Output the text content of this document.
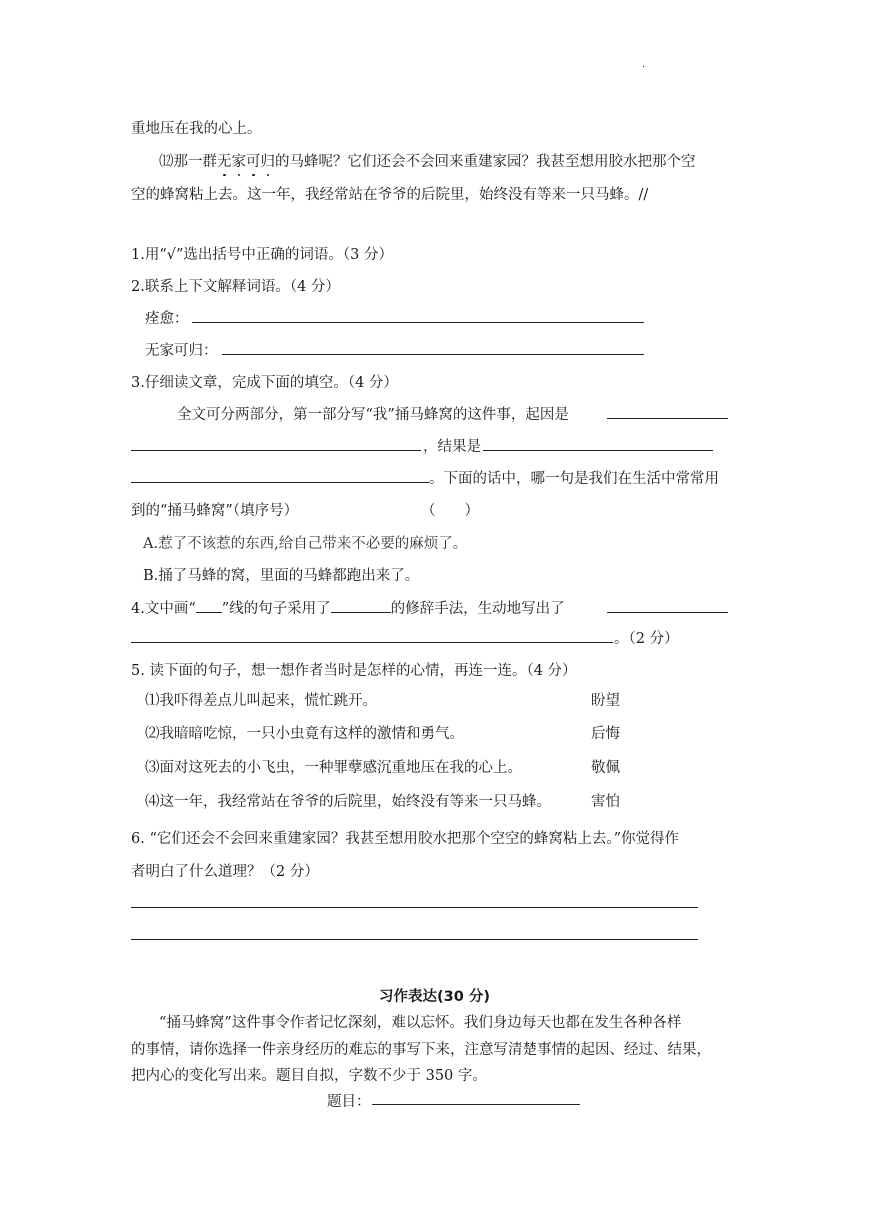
·
重地压在我的心上。
⑿那一群无家可归的马蜂呢？它们还会不会回来重建家园？我甚至想用胶水把那个空
空的蜂窝粘上去。这一年，我经常站在爷爷的后院里，始终没有等来一只马蜂。//
1.用“√”选出括号中正确的词语。（3 分）
2.联系上下文解释词语。（4 分）
痊愈：
无家可归：
3.仔细读文章，完成下面的填空。（4 分）
全文可分两部分，第一部分写“我”捅马蜂窝的这件事，起因是
，结果是
。下面的话中，哪一句是我们在生活中常常用
到的“捅马蜂窝”（填序号）	（　　）
A.惹了不该惹的东西,给自己带来不必要的麻烦了。
B.捅了马蜂的窝，里面的马蜂都跑出来了。
4.文中画“ ”线的句子采用了	的修辞手法，生动地写出了
。（2 分）
5. 读下面的句子，想一想作者当时是怎样的心情，再连一连。（4 分）
⑴我吓得差点儿叫起来，慌忙跳开。	盼望
⑵我暗暗吃惊，一只小虫竟有这样的激情和勇气。	后悔
⑶面对这死去的小飞虫，一种罪孽感沉重地压在我的心上。	敬佩
⑷这一年，我经常站在爷爷的后院里，始终没有等来一只马蜂。	害怕
6. “它们还会不会回来重建家园？我甚至想用胶水把那个空空的蜂窝粘上去。”你觉得作
者明白了什么道理？（2 分）
习作表达(30 分)
“捅马蜂窝”这件事令作者记忆深刻，难以忘怀。我们身边每天也都在发生各种各样
的事情，请你选择一件亲身经历的难忘的事写下来，注意写清楚事情的起因、经过、结果，
把内心的变化写出来。题目自拟，字数不少于 350 字。
题目：
